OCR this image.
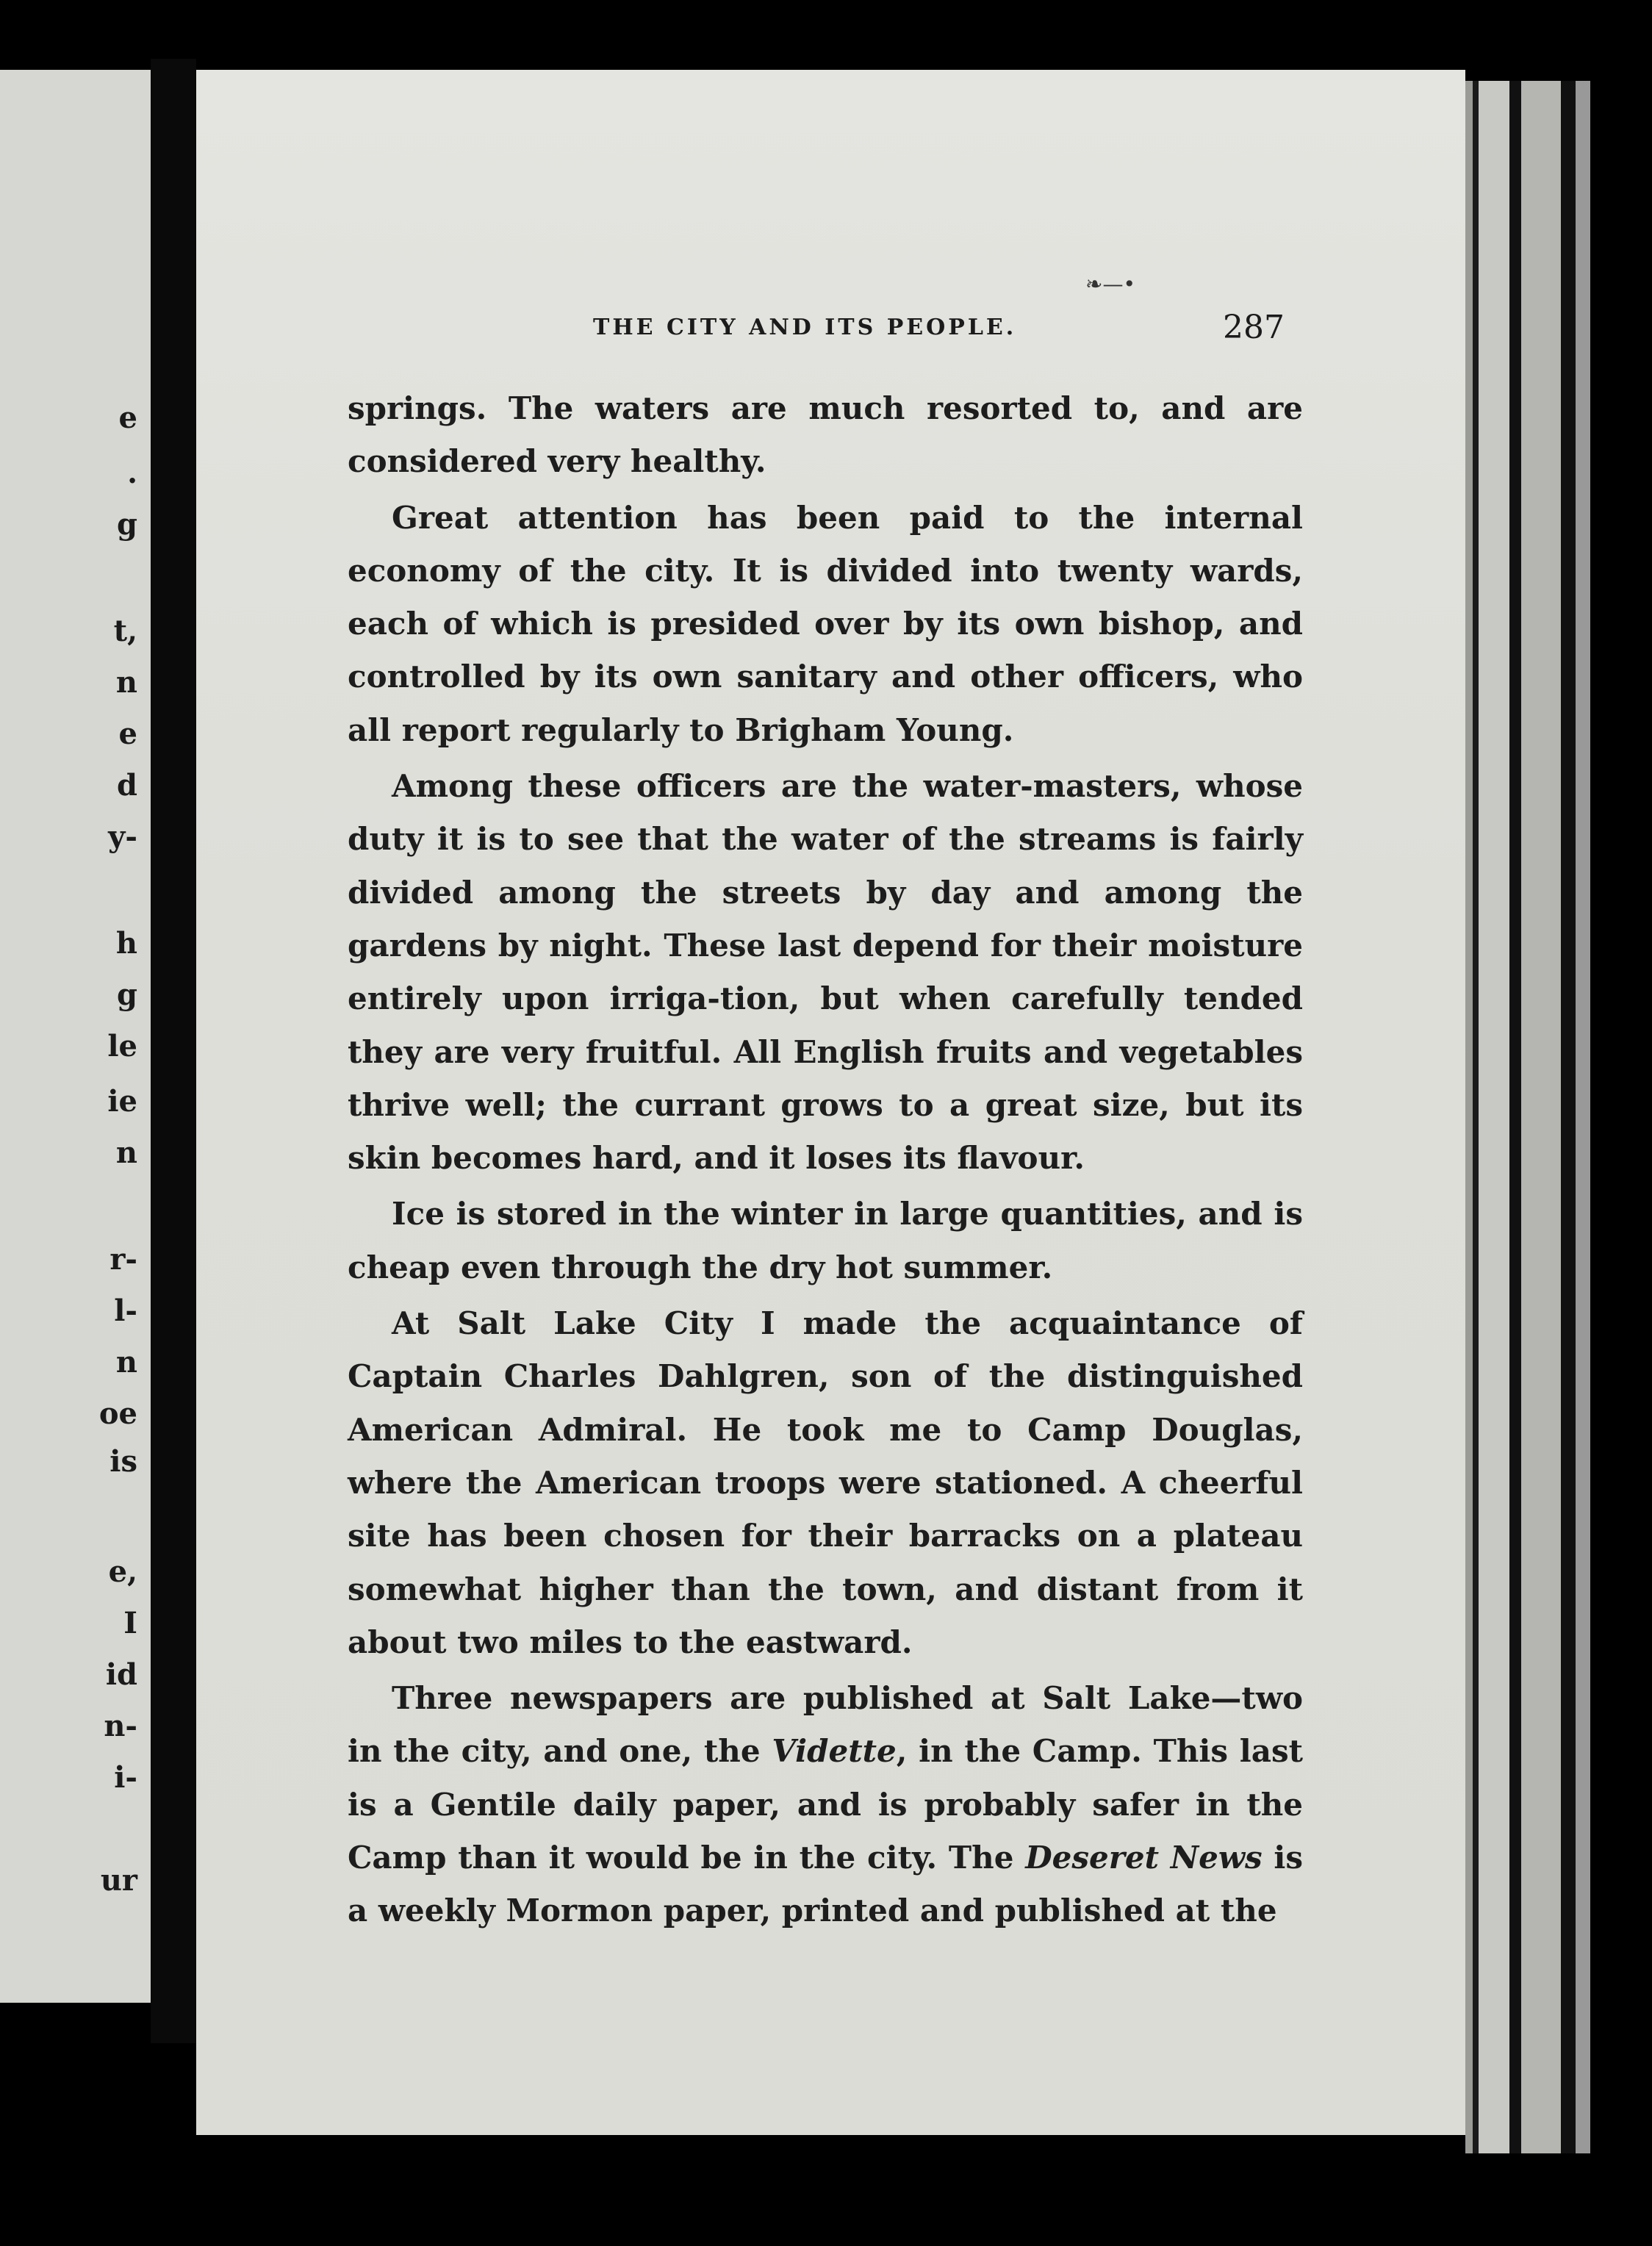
e
.
g
t,
n
e
d
y-
h
g
le
ie
n
r-
l-
n
oe
is
e,
I
id
n-
i-
ur
❧—•
THE CITY AND ITS PEOPLE.	287

springs. The waters are much resorted to, and are considered very healthy.

Great attention has been paid to the internal economy of the city. It is divided into twenty wards, each of which is presided over by its own bishop, and controlled by its own sanitary and other officers, who all report regularly to Brigham Young.

Among these officers are the water-masters, whose duty it is to see that the water of the streams is fairly divided among the streets by day and among the gardens by night. These last depend for their moisture entirely upon irriga-tion, but when carefully tended they are very fruitful. All English fruits and vegetables thrive well; the currant grows to a great size, but its skin becomes hard, and it loses its flavour.

Ice is stored in the winter in large quantities, and is cheap even through the dry hot summer.

At Salt Lake City I made the acquaintance of Captain Charles Dahlgren, son of the distinguished American Admiral. He took me to Camp Douglas, where the American troops were stationed. A cheerful site has been chosen for their barracks on a plateau somewhat higher than the town, and distant from it about two miles to the eastward.

Three newspapers are published at Salt Lake—two in the city, and one, the Vidette, in the Camp. This last is a Gentile daily paper, and is probably safer in the Camp than it would be in the city. The Deseret News is a weekly Mormon paper, printed and published at the
